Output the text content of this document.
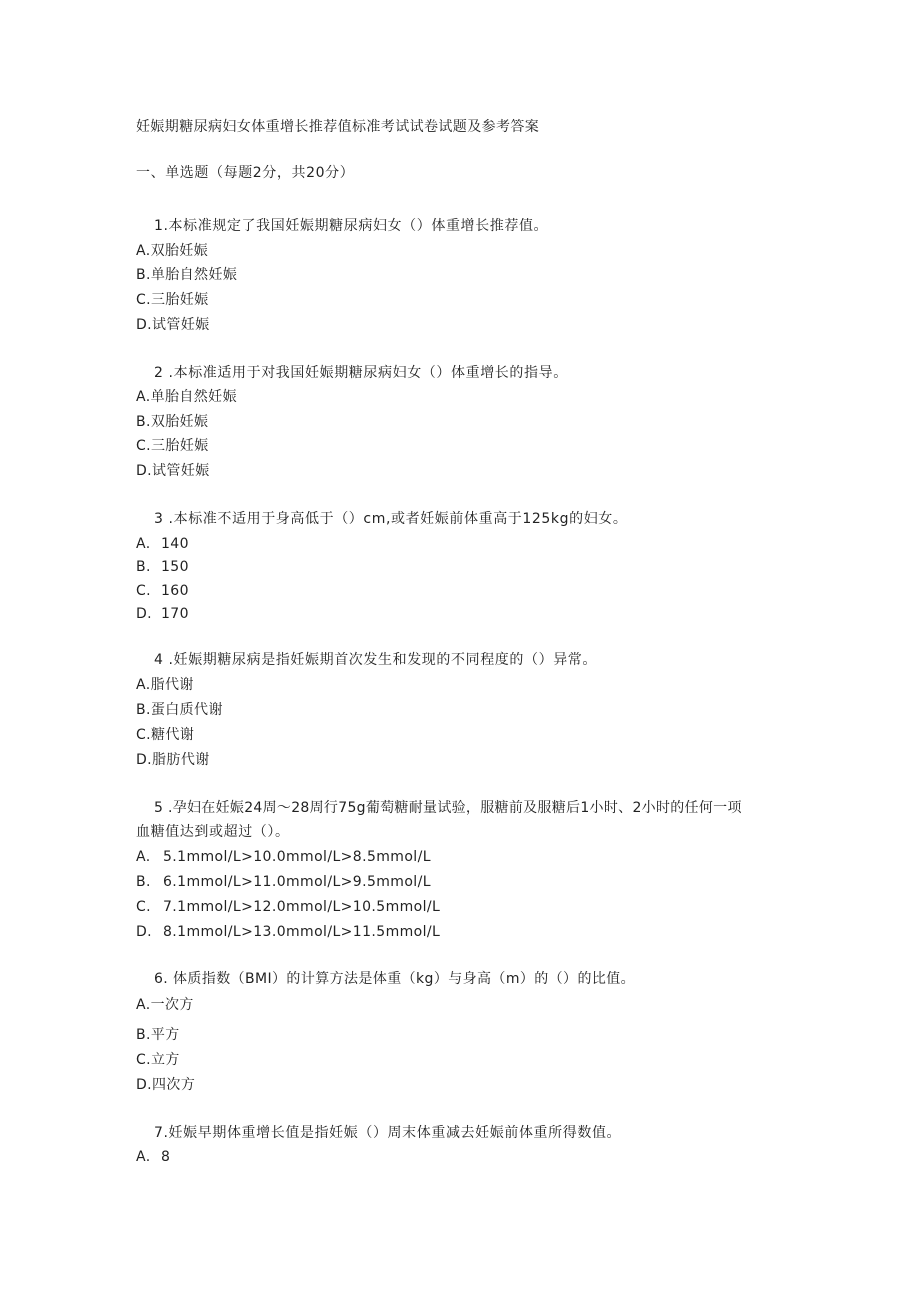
妊娠期糖尿病妇女体重增长推荐值标准考试试卷试题及参考答案
一、单选题（每题2分，共20分）
1.本标准规定了我国妊娠期糖尿病妇女（）体重增长推荐值。
A.双胎妊娠
B.单胎自然妊娠
C.三胎妊娠
D.试管妊娠
2 .本标准适用于对我国妊娠期糖尿病妇女（）体重增长的指导。
A.单胎自然妊娠
B.双胎妊娠
C.三胎妊娠
D.试管妊娠
3 .本标准不适用于身高低于（）cm,或者妊娠前体重高于125kg的妇女。
A. 140
B. 150
C. 160
D. 170
4 .妊娠期糖尿病是指妊娠期首次发生和发现的不同程度的（）异常。
A.脂代谢
B.蛋白质代谢
C.糖代谢
D.脂肪代谢
5 .孕妇在妊娠24周～28周行75g葡萄糖耐量试验，服糖前及服糖后1小时、2小时的任何一项
血糖值达到或超过（）。
A. 5.1mmol/L>10.0mmol/L>8.5mmol/L
B. 6.1mmol/L>11.0mmol/L>9.5mmol/L
C. 7.1mmol/L>12.0mmol/L>10.5mmol/L
D. 8.1mmol/L>13.0mmol/L>11.5mmol/L
6. 体质指数（BMI）的计算方法是体重（kg）与身高（m）的（）的比值。
A.一次方
B.平方
C.立方
D.四次方
7.妊娠早期体重增长值是指妊娠（）周末体重减去妊娠前体重所得数值。
A. 8
